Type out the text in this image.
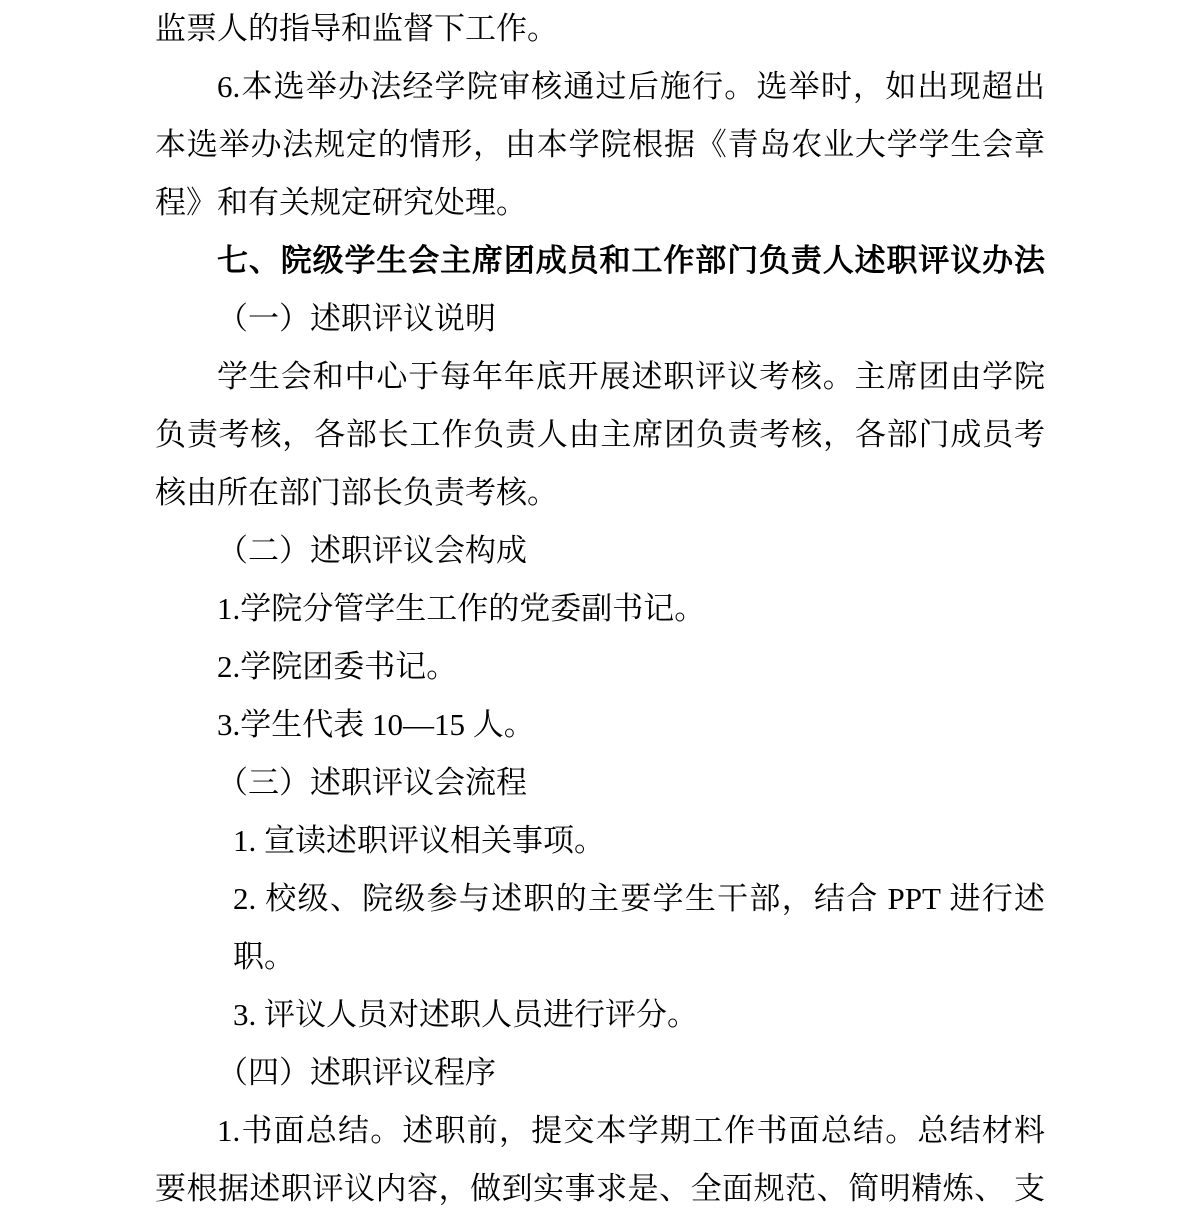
监票人的指导和监督下工作。
6.本选举办法经学院审核通过后施行。选举时，如出现超出
本选举办法规定的情形，由本学院根据《青岛农业大学学生会章
程》和有关规定研究处理。
七、院级学生会主席团成员和工作部门负责人述职评议办法
（一）述职评议说明
学生会和中心于每年年底开展述职评议考核。主席团由学院
负责考核，各部长工作负责人由主席团负责考核，各部门成员考
核由所在部门部长负责考核。
（二）述职评议会构成
1.学院分管学生工作的党委副书记。
2.学院团委书记。
3.学生代表 10—15 人。
（三）述职评议会流程
1. 宣读述职评议相关事项。
2. 校级、院级参与述职的主要学生干部，结合 PPT 进行述
职。
3. 评议人员对述职人员进行评分。
（四）述职评议程序
1.书面总结。述职前，提交本学期工作书面总结。总结材料
要根据述职评议内容，做到实事求是、全面规范、简明精炼、 支
